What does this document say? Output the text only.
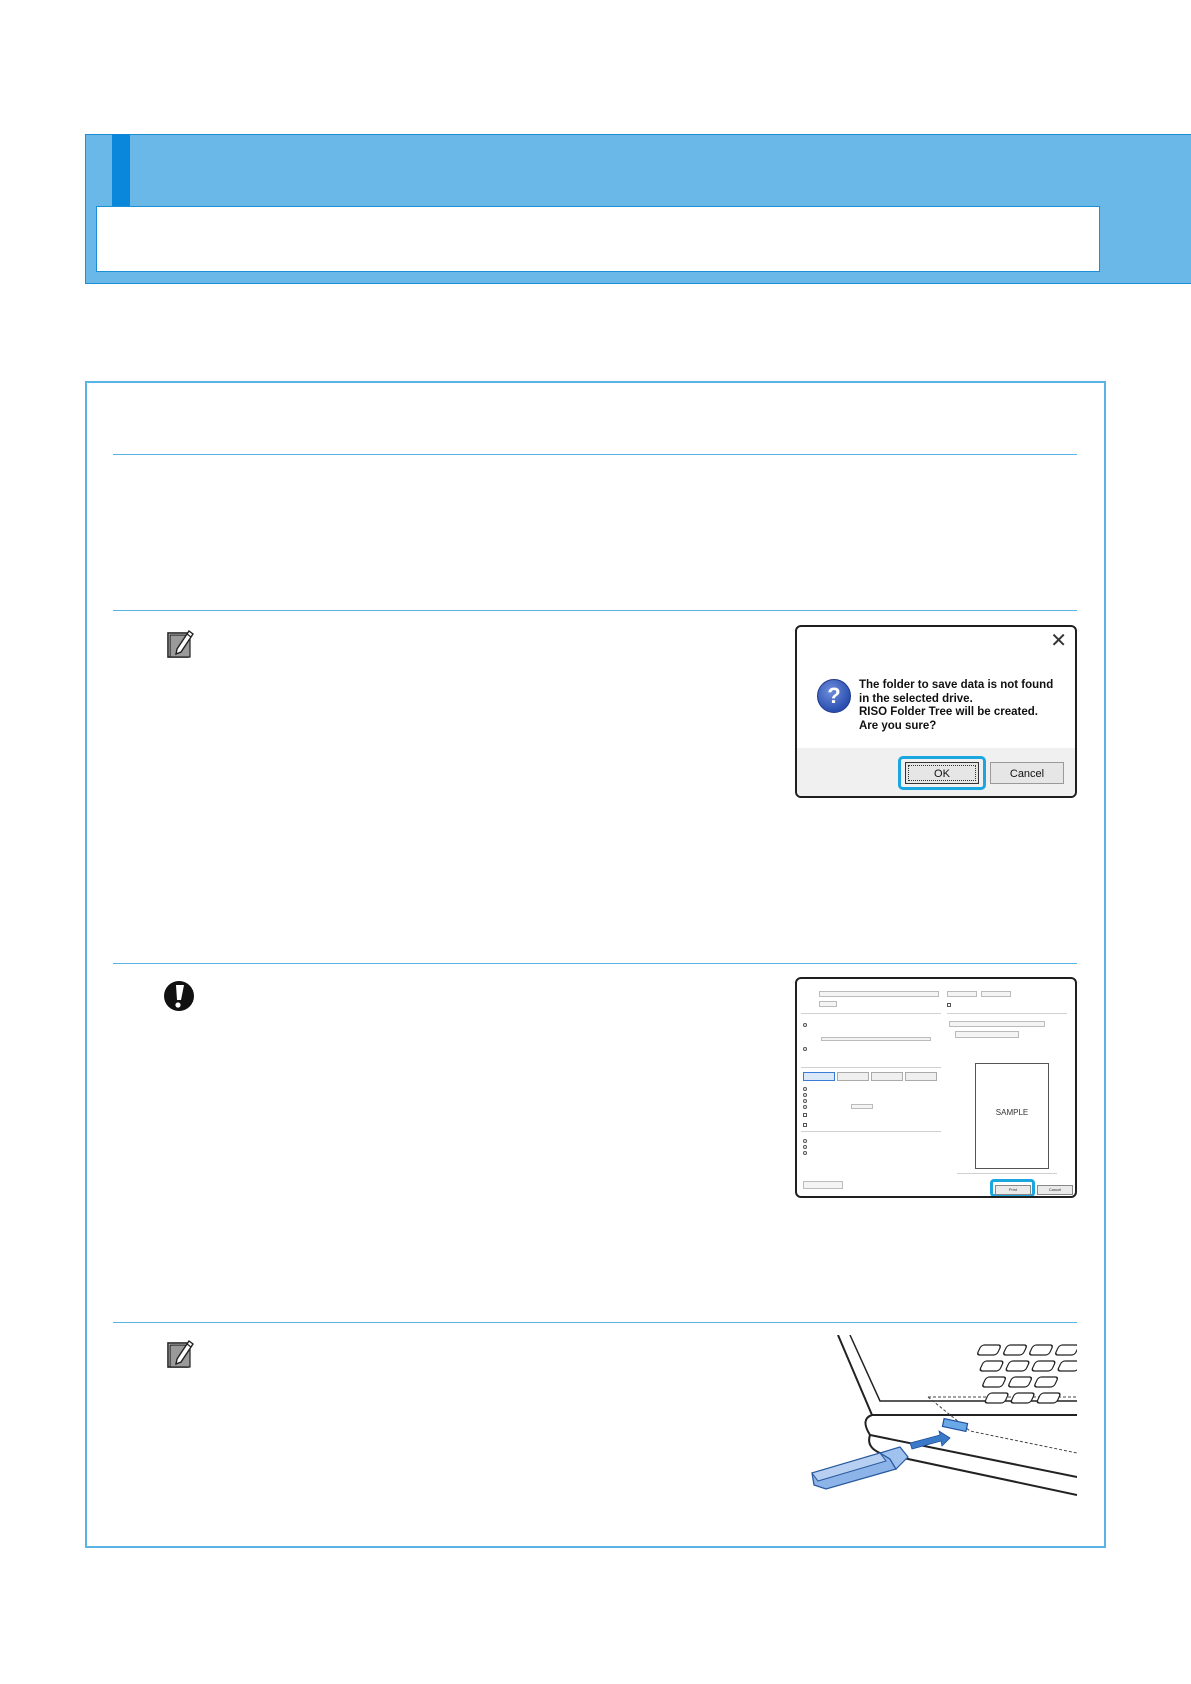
✕
?	The folder to save data is not found
in the selected drive.
RISO Folder Tree will be created.
Are you sure?
OK	Cancel
SAMPLE
Print	Cancel
